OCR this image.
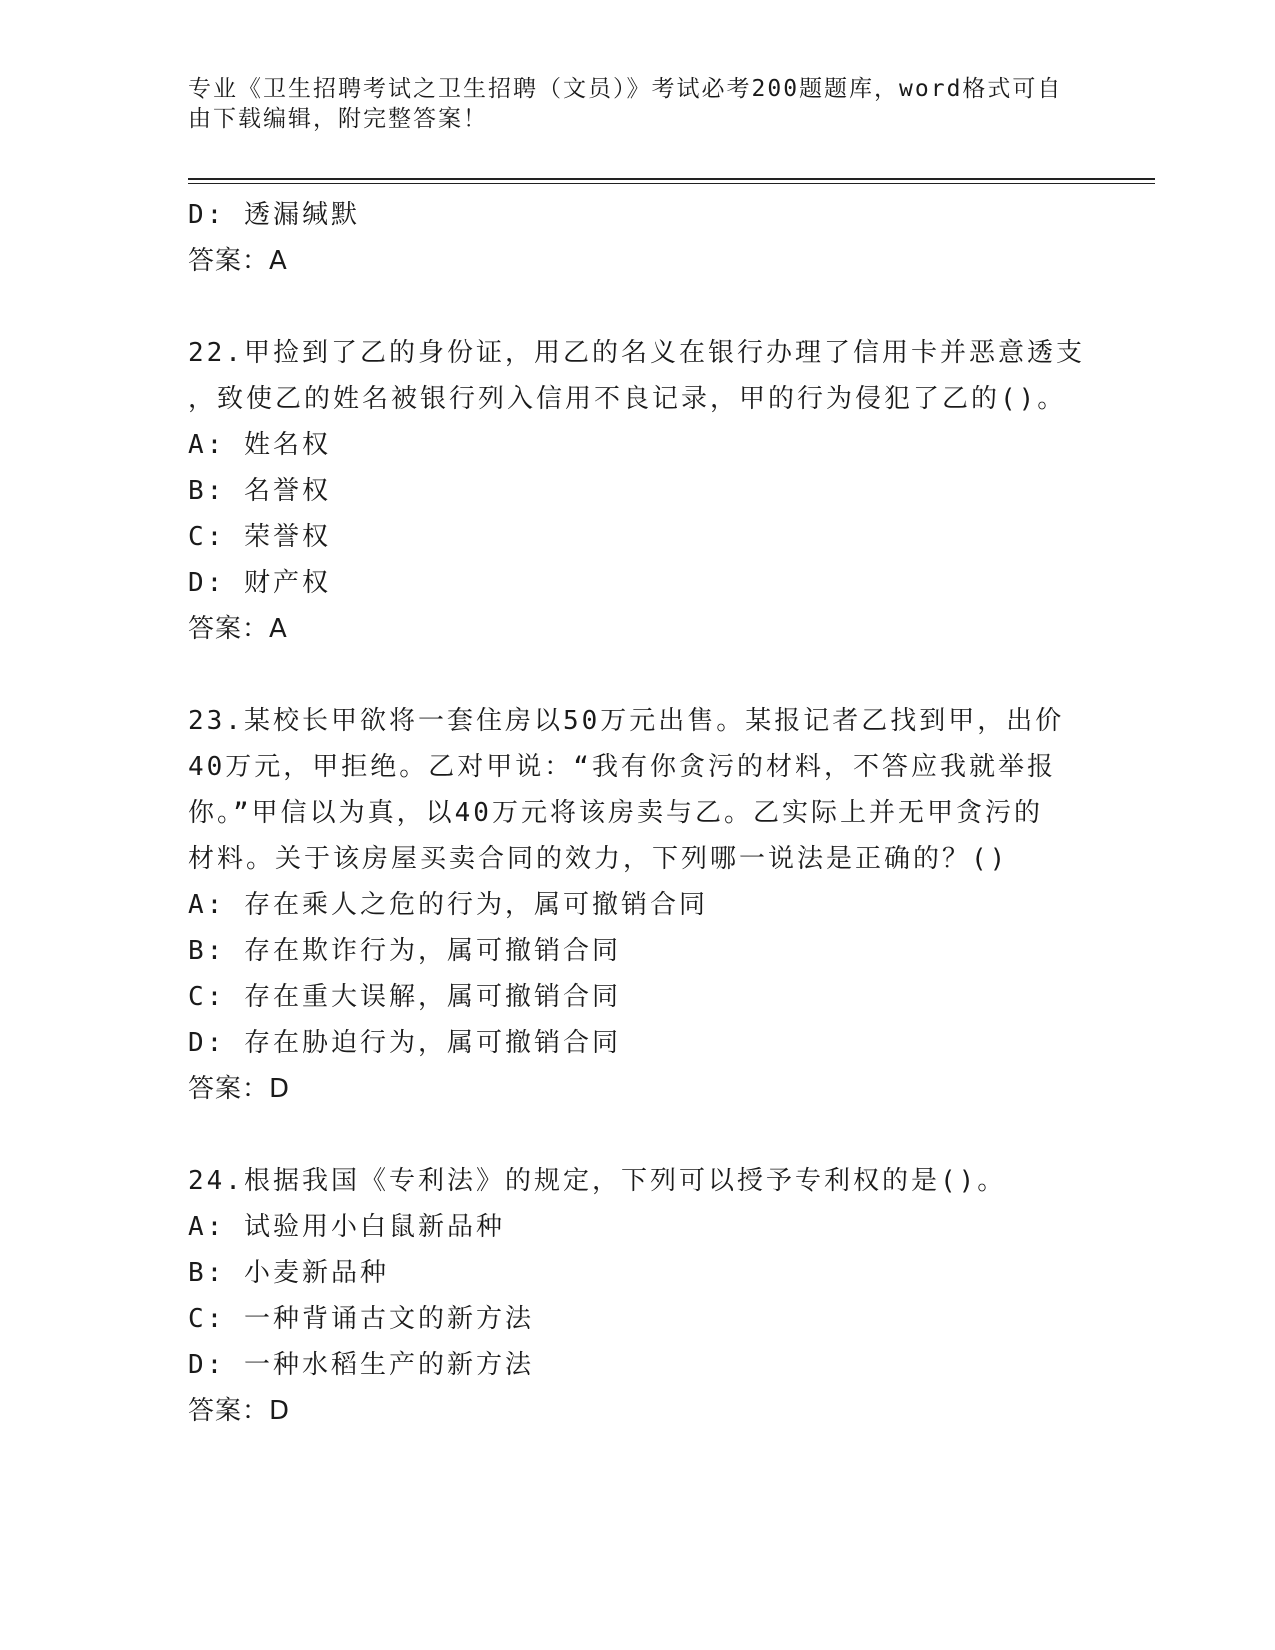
专业《卫生招聘考试之卫生招聘（文员）》考试必考200题题库，word格式可自
由下载编辑，附完整答案！
D: 透漏缄默
答案：A
22.甲捡到了乙的身份证，用乙的名义在银行办理了信用卡并恶意透支
，致使乙的姓名被银行列入信用不良记录，甲的行为侵犯了乙的()。
A: 姓名权
B: 名誉权
C: 荣誉权
D: 财产权
答案：A
23.某校长甲欲将一套住房以50万元出售。某报记者乙找到甲，出价
40万元，甲拒绝。乙对甲说：“我有你贪污的材料，不答应我就举报
你。”甲信以为真，以40万元将该房卖与乙。乙实际上并无甲贪污的
材料。关于该房屋买卖合同的效力，下列哪一说法是正确的？()
A: 存在乘人之危的行为，属可撤销合同
B: 存在欺诈行为，属可撤销合同
C: 存在重大误解，属可撤销合同
D: 存在胁迫行为，属可撤销合同
答案：D
24.根据我国《专利法》的规定，下列可以授予专利权的是()。
A: 试验用小白鼠新品种
B: 小麦新品种
C: 一种背诵古文的新方法
D: 一种水稻生产的新方法
答案：D
